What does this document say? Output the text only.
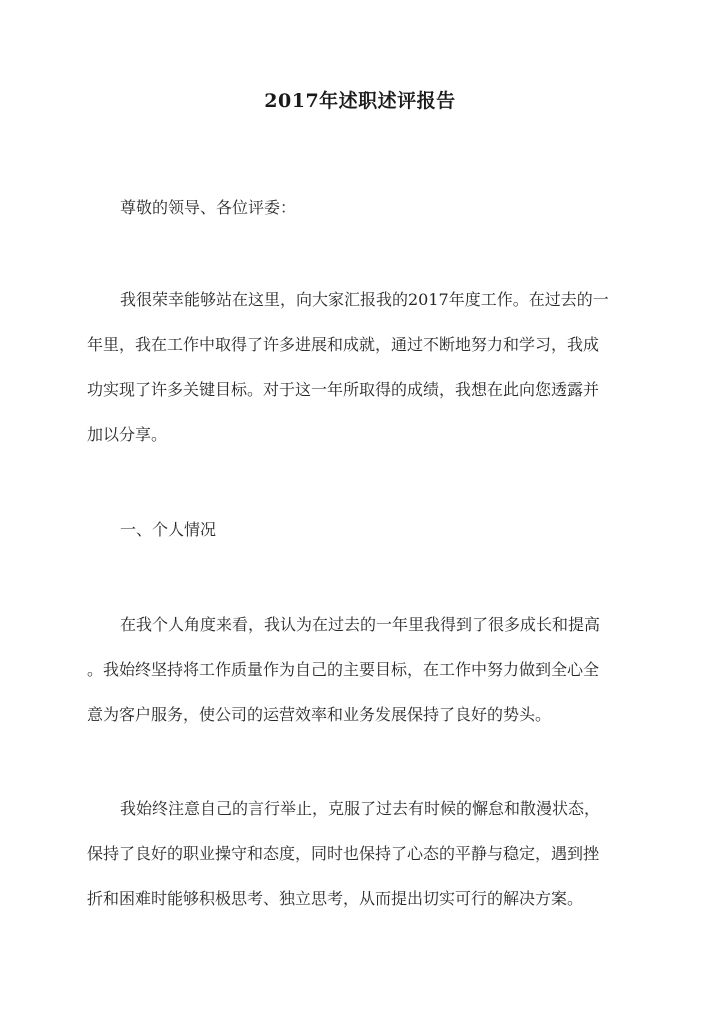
2017年述职述评报告
尊敬的领导、各位评委：
我很荣幸能够站在这里，向大家汇报我的2017年度工作。在过去的一
年里，我在工作中取得了许多进展和成就，通过不断地努力和学习，我成
功实现了许多关键目标。对于这一年所取得的成绩，我想在此向您透露并
加以分享。
一、个人情况
在我个人角度来看，我认为在过去的一年里我得到了很多成长和提高
。我始终坚持将工作质量作为自己的主要目标，在工作中努力做到全心全
意为客户服务，使公司的运营效率和业务发展保持了良好的势头。
我始终注意自己的言行举止，克服了过去有时候的懈怠和散漫状态，
保持了良好的职业操守和态度，同时也保持了心态的平静与稳定，遇到挫
折和困难时能够积极思考、独立思考，从而提出切实可行的解决方案。
